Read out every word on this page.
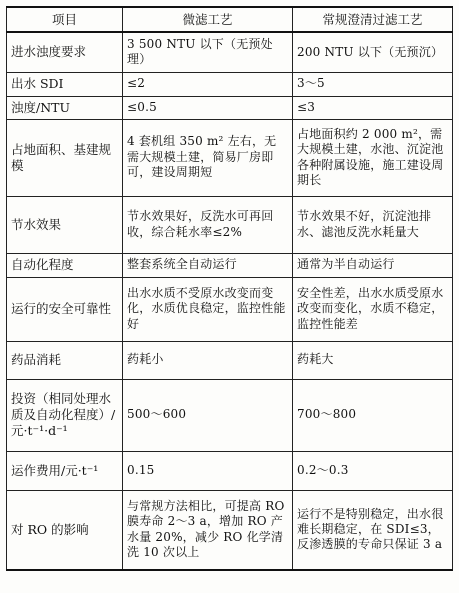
项目	微滤工艺	常规澄清过滤工艺
进水浊度要求	3 500 NTU 以下（无预处理）	200 NTU 以下（无预沉）
出水 SDI	≤2	3～5
浊度/NTU	≤0.5	≤3
占地面积、基建规模	4 套机组 350 m² 左右，无需大规模土建，简易厂房即可，建设周期短	占地面积约 2 000 m²，需大规模土建，水池、沉淀池各种附属设施，施工建设周期长
节水效果	节水效果好，反洗水可再回收，综合耗水率≤2%	节水效果不好，沉淀池排水、滤池反洗水耗量大
自动化程度	整套系统全自动运行	通常为半自动运行
运行的安全可靠性	出水水质不受原水改变而变化，水质优良稳定，监控性能好	安全性差，出水水质受原水改变而变化，水质不稳定，监控性能差
药品消耗	药耗小	药耗大
投资（相同处理水质及自动化程度）/元·t⁻¹·d⁻¹	500～600	700～800
运作费用/元·t⁻¹	0.15	0.2～0.3
对 RO 的影响	与常规方法相比，可提高 RO 膜寿命 2～3 a，增加 RO 产水量 20%，减少 RO 化学清洗 10 次以上	运行不是特别稳定，出水很难长期稳定，在 SDI≤3，反渗透膜的专命只保证 3 a
